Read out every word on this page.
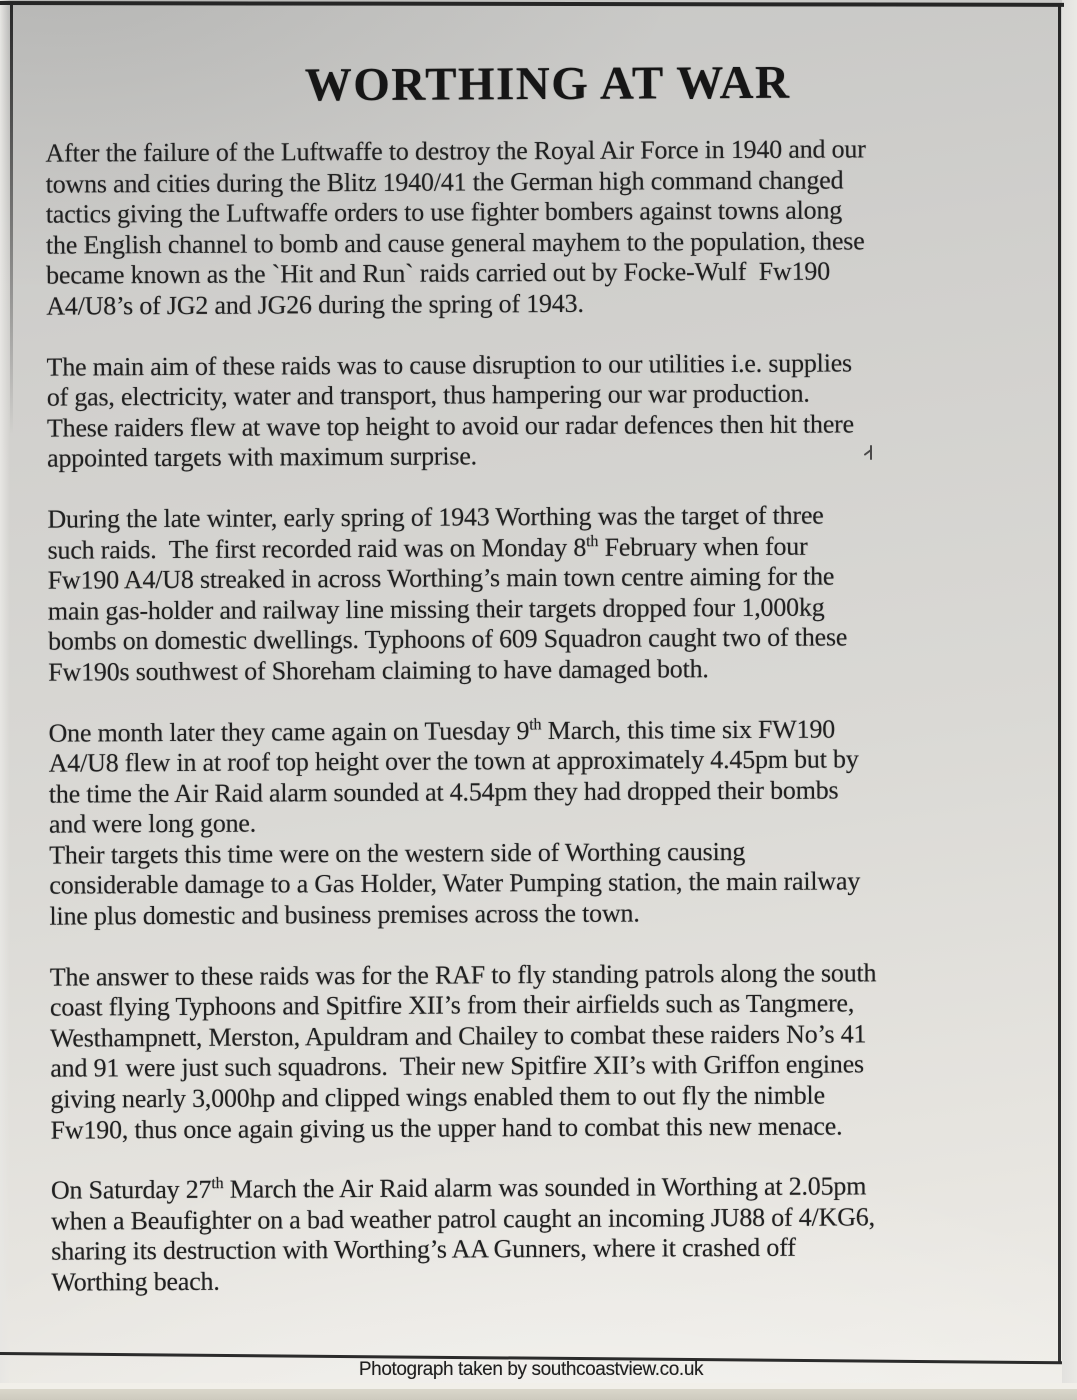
WORTHING AT WAR

After the failure of the Luftwaffe to destroy the Royal Air Force in 1940 and our
towns and cities during the Blitz 1940/41 the German high command changed
tactics giving the Luftwaffe orders to use fighter bombers against towns along
the English channel to bomb and cause general mayhem to the population, these
became known as the `Hit and Run` raids carried out by Focke-Wulf  Fw190
A4/U8’s of JG2 and JG26 during the spring of 1943.

The main aim of these raids was to cause disruption to our utilities i.e. supplies
of gas, electricity, water and transport, thus hampering our war production.
These raiders flew at wave top height to avoid our radar defences then hit there
appointed targets with maximum surprise.

During the late winter, early spring of 1943 Worthing was the target of three
such raids.  The first recorded raid was on Monday 8th February when four
Fw190 A4/U8 streaked in across Worthing’s main town centre aiming for the
main gas-holder and railway line missing their targets dropped four 1,000kg
bombs on domestic dwellings. Typhoons of 609 Squadron caught two of these
Fw190s southwest of Shoreham claiming to have damaged both.

One month later they came again on Tuesday 9th March, this time six FW190
A4/U8 flew in at roof top height over the town at approximately 4.45pm but by
the time the Air Raid alarm sounded at 4.54pm they had dropped their bombs
and were long gone.
Their targets this time were on the western side of Worthing causing
considerable damage to a Gas Holder, Water Pumping station, the main railway
line plus domestic and business premises across the town.

The answer to these raids was for the RAF to fly standing patrols along the south
coast flying Typhoons and Spitfire XII’s from their airfields such as Tangmere,
Westhampnett, Merston, Apuldram and Chailey to combat these raiders No’s 41
and 91 were just such squadrons.  Their new Spitfire XII’s with Griffon engines
giving nearly 3,000hp and clipped wings enabled them to out fly the nimble
Fw190, thus once again giving us the upper hand to combat this new menace.

On Saturday 27th March the Air Raid alarm was sounded in Worthing at 2.05pm
when a Beaufighter on a bad weather patrol caught an incoming JU88 of 4/KG6,
sharing its destruction with Worthing’s AA Gunners, where it crashed off
Worthing beach.

Photograph taken by southcoastview.co.uk
